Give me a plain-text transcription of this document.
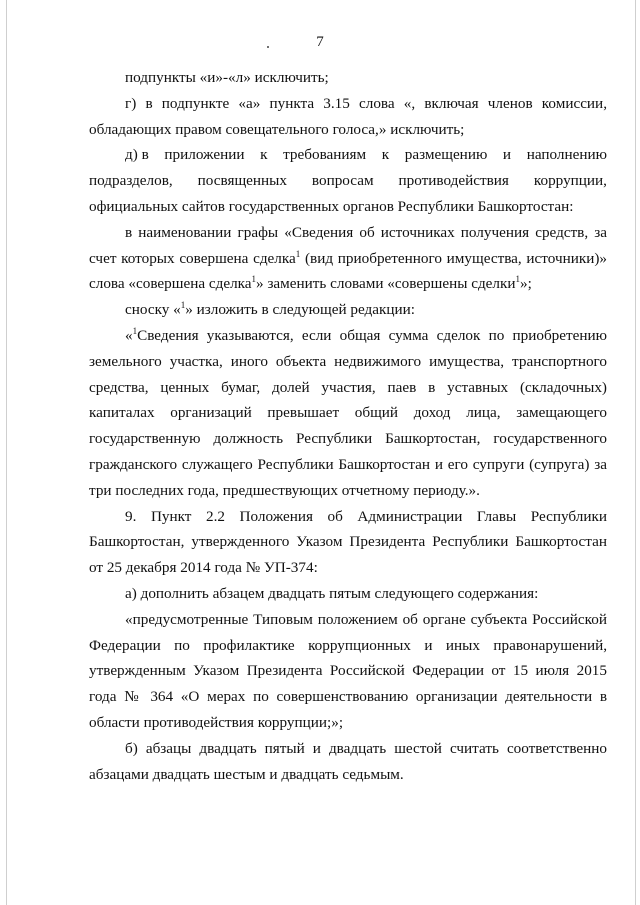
7

подпункты «и»-«л» исключить;

г) в подпункте «а» пункта 3.15 слова «, включая членов комиссии, обладающих правом совещательного голоса,» исключить;

д) в приложении к требованиям к размещению и наполнению
подразделов, посвященных вопросам противодействия коррупции,
официальных сайтов государственных органов Республики Башкортостан:

в наименовании графы «Сведения об источниках получения средств, за счет которых совершена сделка$^1$ (вид приобретенного имущества, источники)» слова «совершена сделка$^1$» заменить словами «совершены сделки$^1$»;

сноску «$^1$» изложить в следующей редакции:

«$^1$Сведения указываются, если общая сумма сделок по приобретению земельного участка, иного объекта недвижимого имущества, транспортного средства, ценных бумаг, долей участия, паев в уставных (складочных) капиталах организаций превышает общий доход лица, замещающего государственную должность Республики Башкортостан, государственного гражданского служащего Республики Башкортостан и его супруги (супруга) за три последних года, предшествующих отчетному периоду.».

9. Пункт 2.2 Положения об Администрации Главы Республики Башкортостан, утвержденного Указом Президента Республики Башкортостан от 25 декабря 2014 года № УП-374:

а) дополнить абзацем двадцать пятым следующего содержания:

«предусмотренные Типовым положением об органе субъекта Российской Федерации по профилактике коррупционных и иных правонарушений, утвержденным Указом Президента Российской Федерации от 15 июля 2015 года № 364 «О мерах по совершенствованию организации деятельности в области противодействия коррупции;»;

б) абзацы двадцать пятый и двадцать шестой считать соответственно абзацами двадцать шестым и двадцать седьмым.
